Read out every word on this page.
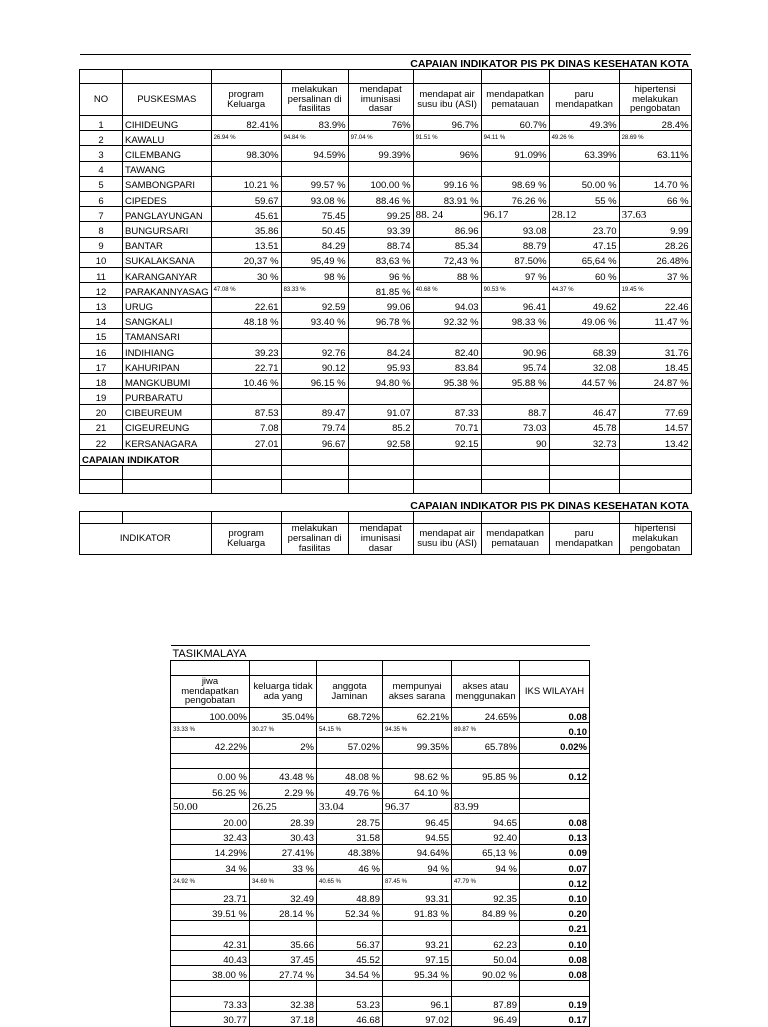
CAPAIAN INDIKATOR PIS PK DINAS KESEHATAN KOTA								

NO	PUSKESMAS	program Keluarga	melakukan persalinan di fasilitas	mendapat imunisasi dasar	mendapat air susu ibu (ASI)	mendapatkan pematauan	paru mendapatkan	hipertensi melakukan pengobatan
1	CIHIDEUNG	82.41%	83.9%	76%	96.7%	60.7%	49.3%	28.4%
2	KAWALU	26.94 %	94.84 %	97.04 %	91.51 %	94.11 %	49.26 %	28.69 %
3	CILEMBANG	98.30%	94.59%	99.39%	96%	91.09%	63.39%	63.11%
4	TAWANG							
5	SAMBONGPARI	10.21 %	99.57 %	100.00 %	99.16 %	98.69 %	50.00 %	14.70 %
6	CIPEDES	59.67	93.08 %	88.46 %	83.91 %	76.26 %	55 %	66 %
7	PANGLAYUNGAN	45.61	75.45	99.25	88. 24	96.17	28.12	37.63
8	BUNGURSARI	35.86	50.45	93.39	86.96	93.08	23.70	9.99
9	BANTAR	13.51	84.29	88.74	85.34	88.79	47.15	28.26
10	SUKALAKSANA	20,37 %	95,49 %	83,63 %	72,43 %	87.50%	65,64 %	26.48%
11	KARANGANYAR	30 %	98 %	96 %	88 %	97 %	60 %	37 %
12	PARAKANNYASAG	47.08 %	83.33 %	81.85 %	40.68 %	90.53 %	44.37 %	19.45 %
13	URUG	22.61	92.59	99.06	94.03	96.41	49.62	22.46
14	SANGKALI	48.18 %	93.40 %	96.78 %	92.32 %	98.33 %	49.06 %	11.47 %
15	TAMANSARI							
16	INDIHIANG	39.23	92.76	84.24	82.40	90.96	68.39	31.76
17	KAHURIPAN	22.71	90.12	95.93	83.84	95.74	32.08	18.45
18	MANGKUBUMI	10.46 %	96.15 %	94.80 %	95.38 %	95.88 %	44.57 %	24.87 %
19	PURBARATU							
20	CIBEUREUM	87.53	89.47	91.07	87.33	88.7	46.47	77.69
21	CIGEUREUNG	7.08	79.74	85.2	70.71	73.03	45.78	14.57
22	KERSANAGARA	27.01	96.67	92.58	92.15	90	32.73	13.42
CAPAIAN INDIKATOR								

CAPAIAN INDIKATOR PIS PK DINAS KESEHATAN KOTA								

INDIKATOR		program Keluarga	melakukan persalinan di fasilitas	mendapat imunisasi dasar	mendapat air susu ibu (ASI)	mendapatkan pematauan	paru mendapatkan	hipertensi melakukan pengobatan
TASIKMALAYA					

jiwa mendapatkan pengobatan	keluarga tidak ada yang	anggota Jaminan	mempunyai akses sarana	akses atau menggunakan	IKS WILAYAH
100.00%	35.04%	68.72%	62.21%	24.65%	0.08
33.33 %	30.27 %	54.15 %	94.35 %	89.87 %	0.10
42.22%	2%	57.02%	99.35%	65.78%	0.02%

0.00 %	43.48 %	48.08 %	98.62 %	95.85 %	0.12
56.25 %	2.29 %	49.76 %	64.10 %		
50.00	26.25	33.04	96.37	83.99	
20.00	28.39	28.75	96.45	94.65	0.08
32.43	30.43	31.58	94.55	92.40	0.13
14.29%	27.41%	48.38%	94.64%	65,13 %	0.09
34 %	33 %	46 %	94 %	94 %	0.07
24.92 %	34.69 %	40.65 %	87.45 %	47.79 %	0.12
23.71	32.49	48.89	93.31	92.35	0.10
39.51 %	28.14 %	52.34 %	91.83 %	84.89 %	0.20
					0.21
42.31	35.66	56.37	93.21	62.23	0.10
40.43	37.45	45.52	97.15	50.04	0.08
38.00 %	27.74 %	34.54 %	95.34 %	90.02 %	0.08

73.33	32.38	53.23	96.1	87.89	0.19
30.77	37.18	46.68	97.02	96.49	0.17
